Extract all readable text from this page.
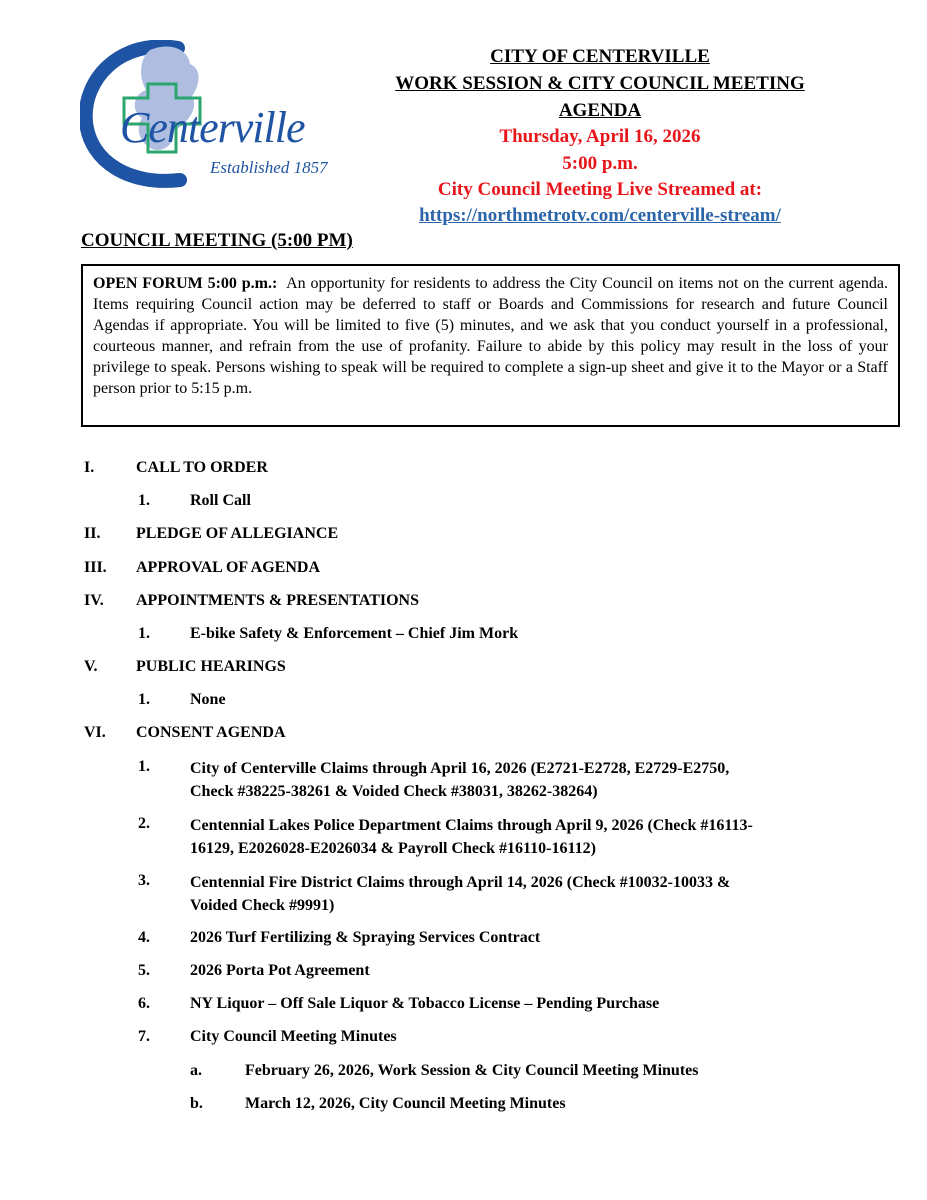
Centerville
Established 1857
CITY OF CENTERVILLE
WORK SESSION & CITY COUNCIL MEETING
AGENDA
Thursday, April 16, 2026
5:00 p.m.
City Council Meeting Live Streamed at:
https://northmetrotv.com/centerville-stream/
COUNCIL MEETING (5:00 PM)

OPEN FORUM 5:00 p.m.: An opportunity for residents to address the City Council on items not on the current agenda. Items requiring Council action may be deferred to staff or Boards and Commissions for research and future Council Agendas if appropriate. You will be limited to five (5) minutes, and we ask that you conduct yourself in a professional, courteous manner, and refrain from the use of profanity. Failure to abide by this policy may result in the loss of your privilege to speak. Persons wishing to speak will be required to complete a sign-up sheet and give it to the Mayor or a Staff person prior to 5:15 p.m.

I.	CALL TO ORDER
1.	Roll Call
II. PLEDGE OF ALLEGIANCE
III. APPROVAL OF AGENDA
IV. APPOINTMENTS & PRESENTATIONS
1.	E-bike Safety & Enforcement – Chief Jim Mork
V. PUBLIC HEARINGS
1.	None
VI. CONSENT AGENDA
1.	City of Centerville Claims through April 16, 2026 (E2721-E2728, E2729-E2750,
Check #38225-38261 & Voided Check #38031, 38262-38264)
2.	Centennial Lakes Police Department Claims through April 9, 2026 (Check #16113-
16129, E2026028-E2026034 & Payroll Check #16110-16112)
3.	Centennial Fire District Claims through April 14, 2026 (Check #10032-10033 &
Voided Check #9991)
4.	2026 Turf Fertilizing & Spraying Services Contract
5.	2026 Porta Pot Agreement
6.	NY Liquor – Off Sale Liquor & Tobacco License – Pending Purchase
7.	City Council Meeting Minutes
a.	February 26, 2026, Work Session & City Council Meeting Minutes
b.	March 12, 2026, City Council Meeting Minutes
